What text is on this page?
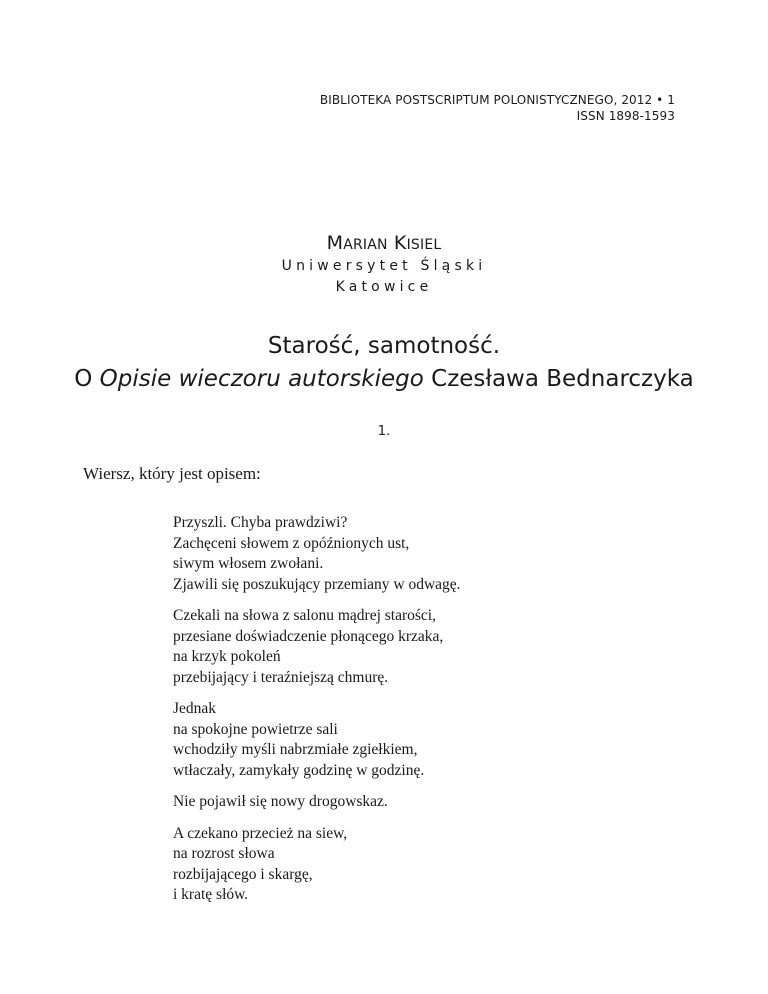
BIBLIOTEKA POSTSCRIPTUM POLONISTYCZNEGO, 2012 • 1
ISSN 1898-1593
MARIAN KISIEL
Uniwersytet Śląski
Katowice
Starość, samotność.
O Opisie wieczoru autorskiego Czesława Bednarczyka
1.
Wiersz, który jest opisem:
Przyszli. Chyba prawdziwi?
Zachęceni słowem z opóźnionych ust,
siwym włosem zwołani.
Zjawili się poszukujący przemiany w odwagę.
Czekali na słowa z salonu mądrej starości,
przesiane doświadczenie płonącego krzaka,
na krzyk pokoleń
przebijający i teraźniejszą chmurę.
Jednak
na spokojne powietrze sali
wchodziły myśli nabrzmiałe zgiełkiem,
wtłaczały, zamykały godzinę w godzinę.
Nie pojawił się nowy drogowskaz.
A czekano przecież na siew,
na rozrost słowa
rozbijającego i skargę,
i kratę słów.
